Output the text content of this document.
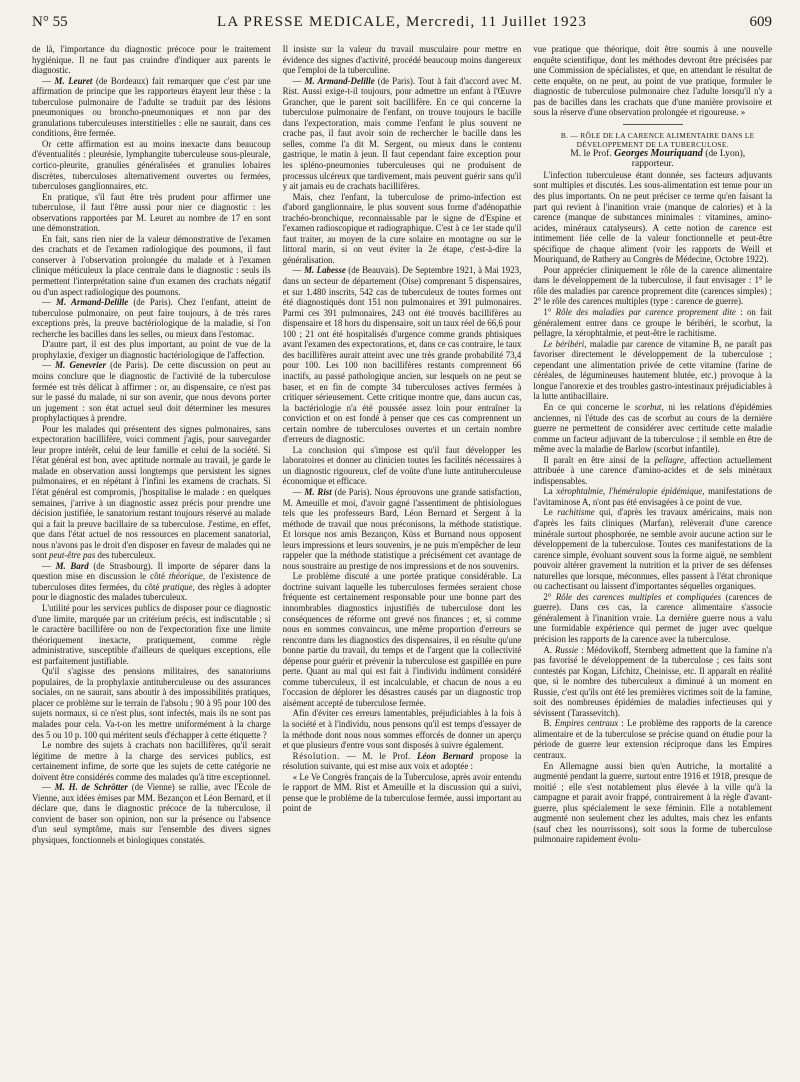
N° 55	LA PRESSE MEDICALE, Mercredi, 11 Juillet 1923	609

de là, l'importance du diagnostic précoce pour le traitement hygiénique. Il ne faut pas craindre d'indiquer aux parents le diagnostic.

— M. Leuret (de Bordeaux) fait remarquer que c'est par une affirmation de principe que les rapporteurs étayent leur thèse : la tuberculose pulmonaire de l'adulte se traduit par des lésions pneumoniques ou broncho-pneumoniques et non par des granulations tuberculeuses interstitielles : elle ne saurait, dans ces conditions, être fermée.

Or cette affirmation est au moins inexacte dans beaucoup d'éventualités : pleurésie, lymphangite tuberculeuse sous-pleurale, cortico-pleurite, granulies généralisées et granulies lobaires discrètes, tuberculoses alternativement ouvertes ou fermées, tuberculoses ganglionnaires, etc.

En pratique, s'il faut être très prudent pour affirmer une tuberculose, il faut l'être aussi pour nier ce diagnostic : les observations rapportées par M. Leuret au nombre de 17 en sont une démonstration.

En fait, sans rien nier de la valeur démonstrative de l'examen des crachats et de l'examen radiologique des poumons, il faut conserver à l'observation prolongée du malade et à l'examen clinique méticuleux la place centrale dans le diagnostic : seuls ils permettent l'interprétation saine d'un examen des crachats négatif ou d'un aspect radiologique des poumons.

— M. Armand-Delille (de Paris). Chez l'enfant, atteint de tuberculose pulmonaire, on peut faire toujours, à de très rares exceptions près, la preuve bactériologique de la maladie, si l'on recherche les bacilles dans les selles, ou mieux dans l'estomac.

D'autre part, il est des plus important, au point de vue de la prophylaxie, d'exiger un diagnostic bactériologique de l'affection.

— M. Genevrier (de Paris). De cette discussion on peut au moins conclure que le diagnostic de l'activité de la tuberculose fermée est très délicat à affirmer : or, au dispensaire, ce n'est pas sur le passé du malade, ni sur son avenir, que nous devons porter un jugement : son état actuel seul doit déterminer les mesures prophylactiques à prendre.

Pour les malades qui présentent des signes pulmonaires, sans expectoration bacillifère, voici comment j'agis, pour sauvegarder leur propre intérêt, celui de leur famille et celui de la société. Si l'état général est bon, avec aptitude normale au travail, je garde le malade en observation aussi longtemps que persistent les signes pulmonaires, et en répétant à l'infini les examens de crachats. Si l'état général est compromis, j'hospitalise le malade : en quelques semaines, j'arrive à un diagnostic assez précis pour prendre une décision justifiée, le sanatorium restant toujours réservé au malade qui a fait la preuve bacillaire de sa tuberculose. J'estime, en effet, que dans l'état actuel de nos ressources en placement sanatorial, nous n'avons pas le droit d'en disposer en faveur de malades qui ne sont peut-être pas des tuberculeux.

— M. Bard (de Strasbourg). Il importe de séparer dans la question mise en discussion le côté théorique, de l'existence de tuberculoses dites fermées, du côté pratique, des règles à adopter pour le diagnostic des malades tuberculeux.

L'utilité pour les services publics de disposer pour ce diagnostic d'une limite, marquée par un critérium précis, est indiscutable ; si le caractère bacillifère ou non de l'expectoration fixe une limite théoriquement inexacte, pratiquement, comme règle administrative, susceptible d'ailleurs de quelques exceptions, elle est parfaitement justifiable.

Qu'il s'agisse des pensions militaires, des sanatoriums populaires, de la prophylaxie antituberculeuse ou des assurances sociales, on ne saurait, sans aboutir à des impossibilités pratiques, placer ce problème sur le terrain de l'absolu ; 90 à 95 pour 100 des sujets normaux, si ce n'est plus, sont infectés, mais ils ne sont pas malades pour cela. Va-t-on les mettre uniformément à la charge des 5 ou 10 p. 100 qui méritent seuls d'échapper à cette étiquette ?

Le nombre des sujets à crachats non bacillifères, qu'il serait légitime de mettre à la charge des services publics, est certainement infime, de sorte que les sujets de cette catégorie ne doivent être considérés comme des malades qu'à titre exceptionnel.

— M. H. de Schrötter (de Vienne) se rallie, avec l'Ecole de Vienne, aux idées émises par MM. Bezançon et Léon Bernard, et il déclare que, dans le diagnostic précoce de la tuberculose, il convient de baser son opinion, non sur la présence ou l'absence d'un seul symptôme, mais sur l'ensemble des divers signes physiques, fonctionnels et biologiques constatés.

Il insiste sur la valeur du travail musculaire pour mettre en évidence des signes d'activité, procédé beaucoup moins dangereux que l'emploi de la tuberculine.

— M. Armand-Delille (de Paris). Tout à fait d'accord avec M. Rist. Aussi exige-t-il toujours, pour admettre un enfant à l'Œuvre Grancher, que le parent soit bacillifère. En ce qui concerne la tuberculose pulmonaire de l'enfant, on trouve toujours le bacille dans l'expectoration, mais comme l'enfant le plus souvent ne crache pas, il faut avoir soin de rechercher le bacille dans les selles, comme l'a dit M. Sergent, ou mieux dans le contenu gastrique, le matin à jeun. Il faut cependant faire exception pour les spléno-pneumonies tuberculeuses qui ne produisent de processus ulcéreux que tardivement, mais peuvent guérir sans qu'il y ait jamais eu de crachats bacillifères.

Mais, chez l'enfant, la tuberculose de primo-infection est d'abord ganglionnaire, le plus souvent sous forme d'adénopathie trachéo-bronchique, reconnaissable par le signe de d'Espine et l'examen radioscopique et radiographique. C'est à ce 1er stade qu'il faut traiter, au moyen de la cure solaire en montagne ou sur le littoral marin, si on veut éviter la 2e étape, c'est-à-dire la généralisation.

— M. Labesse (de Beauvais). De Septembre 1921, à Mai 1923, dans un secteur de département (Oise) comprenant 5 dispensaires, et sur 1.480 inscrits, 542 cas de tuberculeux de toutes formes ont été diagnostiqués dont 151 non pulmonaires et 391 pulmonaires. Parmi ces 391 pulmonaires, 243 ont été trouvés bacillifères au dispensaire et 18 hors du dispensaire, soit un taux réel de 66,6 pour 100 ; 21 ont été hospitalisés d'urgence comme grands phtisiques avant l'examen des expectorations, et, dans ce cas contraire, le taux des bacillifères aurait atteint avec une très grande probabilité 73,4 pour 100. Les 100 non bacillifères restants comprennent 66 inactifs, au passé pathologique ancien, sur lesquels on ne peut se baser, et en fin de compte 34 tuberculoses actives fermées à critiquer sérieusement. Cette critique montre que, dans aucun cas, la bactériologie n'a été poussée assez loin pour entraîner la conviction et on est fondé à penser que ces cas comprennent un certain nombre de tuberculoses ouvertes et un certain nombre d'erreurs de diagnostic.

La conclusion qui s'impose est qu'il faut développer les laboratoires et donner au clinicien toutes les facilités nécessaires à un diagnostic rigoureux, clef de voûte d'une lutte antituberculeuse économique et efficace.

— M. Rist (de Paris). Nous éprouvons une grande satisfaction, M. Ameuille et moi, d'avoir gagné l'assentiment de phtisiologues tels que les professeurs Bard, Léon Bernard et Sergent à la méthode de travail que nous préconisons, la méthode statistique. Et lorsque nos amis Bezançon, Küss et Burnand nous opposent leurs impressions et leurs souvenirs, je ne puis m'empêcher de leur rappeler que la méthode statistique a précisément cet avantage de nous soustraire au prestige de nos impressions et de nos souvenirs.

Le problème discuté a une portée pratique considérable. La doctrine suivant laquelle les tuberculoses fermées seraient chose fréquente est certainement responsable pour une bonne part des innombrables diagnostics injustifiés de tuberculose dont les conséquences de réforme ont grevé nos finances ; et, si comme nous en sommes convaincus, une même proportion d'erreurs se rencontre dans les diagnostics des dispensaires, il en résulte qu'une bonne partie du travail, du temps et de l'argent que la collectivité dépense pour guérir et prévenir la tuberculose est gaspillée en pure perte. Quant au mal qui est fait à l'individu indûment considéré comme tuberculeux, il est incalculable, et chacun de nous a eu l'occasion de déplorer les désastres causés par un diagnostic trop aisément accepté de tuberculose fermée.

Afin d'éviter ces erreurs lamentables, préjudiciables à la fois à la société et à l'individu, nous pensons qu'il est temps d'essayer de la méthode dont nous nous sommes efforcés de donner un aperçu et que plusieurs d'entre vous sont disposés à suivre également.

Résolution. — M. le Prof. Léon Bernard propose la résolution suivante, qui est mise aux voix et adoptée :

« Le Ve Congrès français de la Tuberculose, après avoir entendu le rapport de MM. Rist et Ameuille et la discussion qui a suivi, pense que le problème de la tuberculose fermée, aussi important au point de

vue pratique que théorique, doit être soumis à une nouvelle enquête scientifique, dont les méthodes devront être précisées par une Commission de spécialistes, et que, en attendant le résultat de cette enquête, on ne peut, au point de vue pratique, formuler le diagnostic de tuberculose pulmonaire chez l'adulte lorsqu'il n'y a pas de bacilles dans les crachats que d'une manière provisoire et sous la réserve d'une observation prolongée et rigoureuse. »

B. — RÔLE DE LA CARENCE ALIMENTAIRE DANS LE
DÉVELOPPEMENT DE LA TUBERCULOSE.

M. le Prof. Georges Mouriquand (de Lyon),
rapporteur.

L'infection tuberculeuse étant donnée, ses facteurs adjuvants sont multiples et discutés. Les sous-alimentation est tenue pour un des plus importants. On ne peut préciser ce terme qu'en faisant la part qui revient à l'inanition vraie (manque de calories) et à la carence (manque de substances minimales : vitamines, amino-acides, minéraux catalyseurs). A cette notion de carence est intimement liée celle de la valeur fonctionnelle et peut-être spécifique de chaque aliment (voir les rapports de Weill et Mouriquand, de Rathery au Congrès de Médecine, Octobre 1922).

Pour apprécier cliniquement le rôle de la carence alimentaire dans le développement de la tuberculose, il faut envisager : 1° le rôle des maladies par carence proprement dite (carences simples) ; 2° le rôle des carences multiples (type : carence de guerre).

1° Rôle des maladies par carence proprement dite : on fait généralement entrer dans ce groupe le béribéri, le scorbut, la pellagre, la xérophtalmie, et peut-être le rachitisme.

Le béribéri, maladie par carence de vitamine B, ne paraît pas favoriser directement le développement de la tuberculose ; cependant une alimentation privée de cette vitamine (farine de céréales, de légumineuses hautement blutée, etc.) provoque à la longue l'anorexie et des troubles gastro-intestinaux préjudiciables à la lutte antibacillaire.

En ce qui concerne le scorbut, ni les relations d'épidémies anciennes, ni l'étude des cas de scorbut au cours de la dernière guerre ne permettent de considérer avec certitude cette maladie comme un facteur adjuvant de la tuberculose ; il semble en être de même avec la maladie de Barlow (scorbut infantile).

Il paraît en être ainsi de la pellagre, affection actuellement attribuée à une carence d'amino-acides et de sels minéraux indispensables.

La xérophtalmie, l'héméralopie épidémique, manifestations de l'avitaminose A, n'ont pas été envisagées à ce point de vue.

Le rachitisme qui, d'après les travaux américains, mais non d'après les faits cliniques (Marfan), relèverait d'une carence minérale surtout phosphorée, ne semble avoir aucune action sur le développement de la tuberculose. Toutes ces manifestations de la carence simple, évoluant souvent sous la forme aiguë, ne semblent pouvoir altérer gravement la nutrition et la priver de ses défenses naturelles que lorsque, méconnues, elles passent à l'état chronique ou cachectisant ou laissent d'importantes séquelles organiques.

2° Rôle des carences multiples et compliquées (carences de guerre). Dans ces cas, la carence alimentaire s'associe généralement à l'inanition vraie. La dernière guerre nous a valu une formidable expérience qui permet de juger avec quelque précision les rapports de la carence avec la tuberculose.

A. Russie : Médovikoff, Sternberg admettent que la famine n'a pas favorisé le développement de la tuberculose ; ces faits sont contestés par Kogan, Lifchitz, Cheinisse, etc. Il apparaît en réalité que, si le nombre des tuberculeux a diminué à un moment en Russie, c'est qu'ils ont été les premières victimes soit de la famine, soit des nombreuses épidémies de maladies infectieuses qui y sévissent (Tarassevitch).

B. Empires centraux : Le problème des rapports de la carence alimentaire et de la tuberculose se précise quand on étudie pour la période de guerre leur extension réciproque dans les Empires centraux.

En Allemagne aussi bien qu'en Autriche, la mortalité a augmenté pendant la guerre, surtout entre 1916 et 1918, presque de moitié ; elle s'est notablement plus élevée à la ville qu'à la campagne et parait avoir frappé, contrairement à la règle d'avant-guerre, plus spécialement le sexe féminin. Elle a notablement augmenté non seulement chez les adultes, mais chez les enfants (sauf chez les nourrissons), soit sous la forme de tuberculose pulmonaire rapidement évolu-
